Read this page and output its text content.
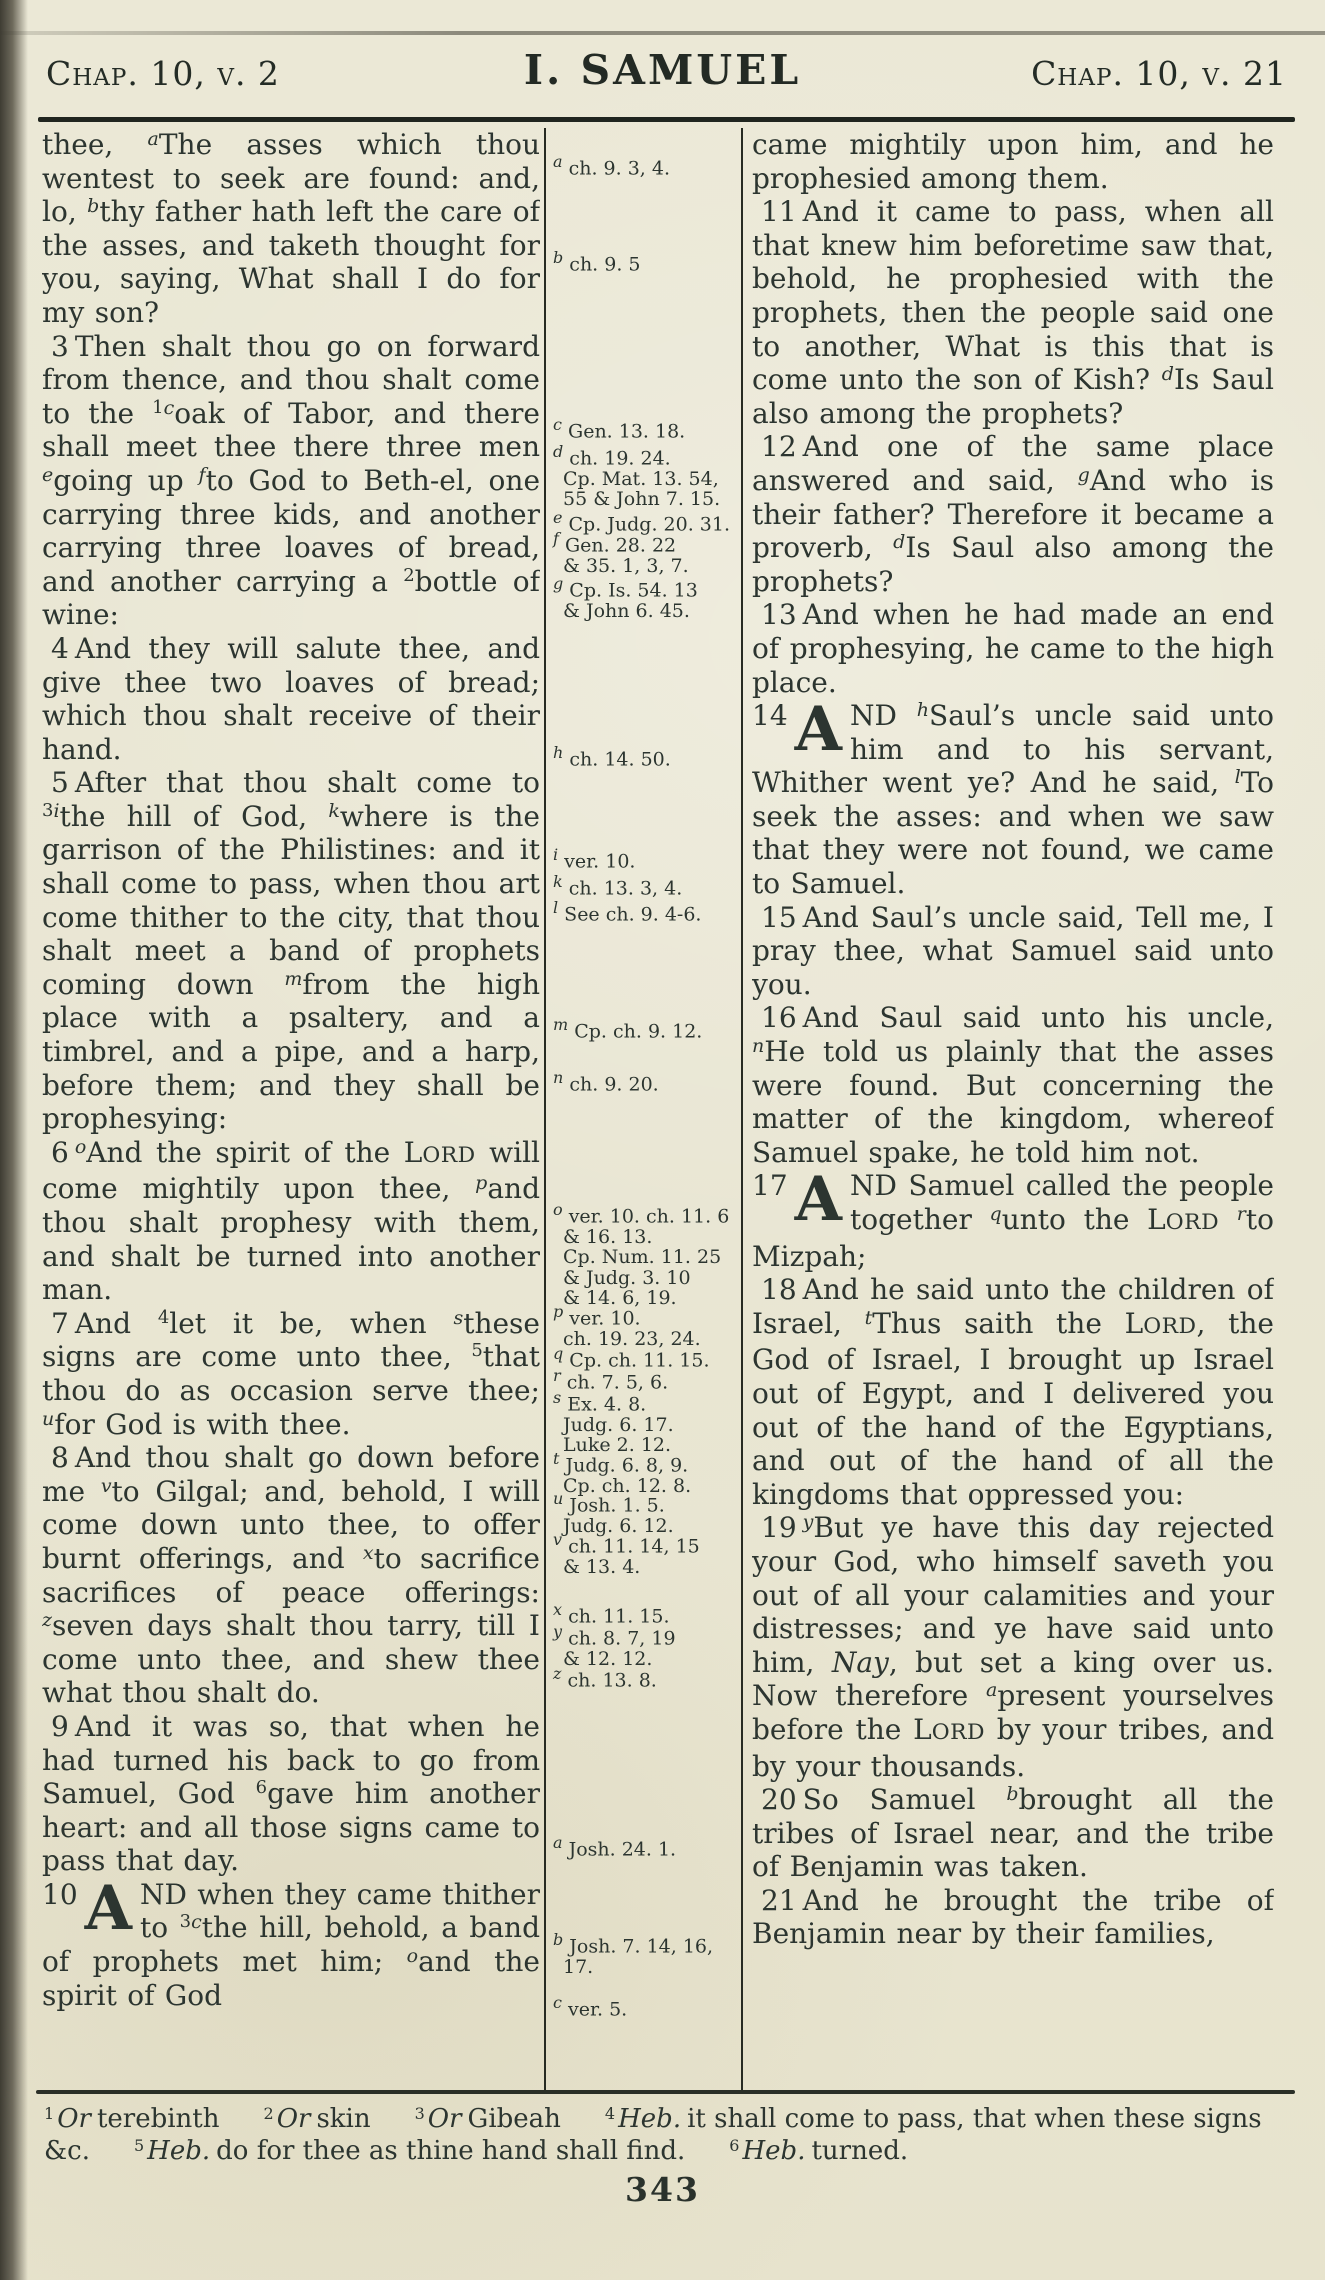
Chap. 10, v. 2	I. SAMUEL	Chap. 10, v. 21

thee, $^a$The asses which thou wentest to seek are found: and, lo, $^b$thy father hath left the care of the asses, and taketh thought for you, saying, What shall I do for my son?

3 Then shalt thou go on forward from thence, and thou shalt come to the $^{1c}$oak of Tabor, and there shall meet thee there three men $^e$going up $^f$to God to Beth-el, one carrying three kids, and another carrying three loaves of bread, and another carrying a $^2$bottle of wine:

4 And they will salute thee, and give thee two loaves of bread; which thou shalt receive of their hand.

5 After that thou shalt come to $^{3i}$the hill of God, $^k$where is the garrison of the Philistines: and it shall come to pass, when thou art come thither to the city, that thou shalt meet a band of prophets coming down $^m$from the high place with a psaltery, and a timbrel, and a pipe, and a harp, before them; and they shall be prophesying:

6 $^o$And the spirit of the LORD will come mightily upon thee, $^p$and thou shalt prophesy with them, and shalt be turned into another man.

7 And $^4$let it be, when $^s$these signs are come unto thee, $^5$that thou do as occasion serve thee; $^u$for God is with thee.

8 And thou shalt go down before me $^v$to Gilgal; and, behold, I will come down unto thee, to offer burnt offerings, and $^x$to sacrifice sacrifices of peace offerings: $^z$seven days shalt thou tarry, till I come unto thee, and shew thee what thou shalt do.

9 And it was so, that when he had turned his back to go from Samuel, God $^6$gave him another heart: and all those signs came to pass that day.

10 A ND when they came thither to $^{3c}$the hill, behold, a band of prophets met him; $^o$and the spirit of God

$^a$ ch. 9. 3, 4.
$^b$ ch. 9. 5
$^c$ Gen. 13. 18.
$^d$ ch. 19. 24.
Cp. Mat. 13. 54,
55 & John 7. 15.
$^e$ Cp. Judg. 20. 31.
$^f$ Gen. 28. 22
& 35. 1, 3, 7.
$^g$ Cp. Is. 54. 13
& John 6. 45.
$^h$ ch. 14. 50.
$^i$ ver. 10.
$^k$ ch. 13. 3, 4.
$^l$ See ch. 9. 4-6.
$^m$ Cp. ch. 9. 12.
$^n$ ch. 9. 20.
$^o$ ver. 10. ch. 11. 6
& 16. 13.
Cp. Num. 11. 25
& Judg. 3. 10
& 14. 6, 19.
$^p$ ver. 10.
ch. 19. 23, 24.
$^q$ Cp. ch. 11. 15.
$^r$ ch. 7. 5, 6.
$^s$ Ex. 4. 8.
Judg. 6. 17.
Luke 2. 12.
$^t$ Judg. 6. 8, 9.
Cp. ch. 12. 8.
$^u$ Josh. 1. 5.
Judg. 6. 12.
$^v$ ch. 11. 14, 15
& 13. 4.
$^x$ ch. 11. 15.
$^y$ ch. 8. 7, 19
& 12. 12.
$^z$ ch. 13. 8.
$^a$ Josh. 24. 1.
$^b$ Josh. 7. 14, 16,
17.
$^c$ ver. 5.

came mightily upon him, and he prophesied among them.

11 And it came to pass, when all that knew him beforetime saw that, behold, he prophesied with the prophets, then the people said one to another, What is this that is come unto the son of Kish? $^d$Is Saul also among the prophets?

12 And one of the same place answered and said, $^g$And who is their father? Therefore it became a proverb, $^d$Is Saul also among the prophets?

13 And when he had made an end of prophesying, he came to the high place.

14 A ND $^h$Saul’s uncle said unto him and to his servant, Whither went ye? And he said, $^l$To seek the asses: and when we saw that they were not found, we came to Samuel.

15 And Saul’s uncle said, Tell me, I pray thee, what Samuel said unto you.

16 And Saul said unto his uncle, $^n$He told us plainly that the asses were found. But concerning the matter of the kingdom, whereof Samuel spake, he told him not.

17 A ND Samuel called the people together $^q$unto the LORD $^r$to Mizpah;

18 And he said unto the children of Israel, $^t$Thus saith the LORD, the God of Israel, I brought up Israel out of Egypt, and I delivered you out of the hand of the Egyptians, and out of the hand of all the kingdoms that oppressed you:

19 $^y$But ye have this day rejected your God, who himself saveth you out of all your calamities and your distresses; and ye have said unto him, Nay, but set a king over us. Now therefore $^a$present yourselves before the LORD by your tribes, and by your thousands.

20 So Samuel $^b$brought all the tribes of Israel near, and the tribe of Benjamin was taken.

21 And he brought the tribe of Benjamin near by their families,

$^1$ Or terebinth	$^2$ Or skin	$^3$ Or Gibeah	$^4$ Heb. it shall come to pass, that when these signs &c.	$^5$ Heb. do for thee as thine hand shall find.	$^6$ Heb. turned.
343
